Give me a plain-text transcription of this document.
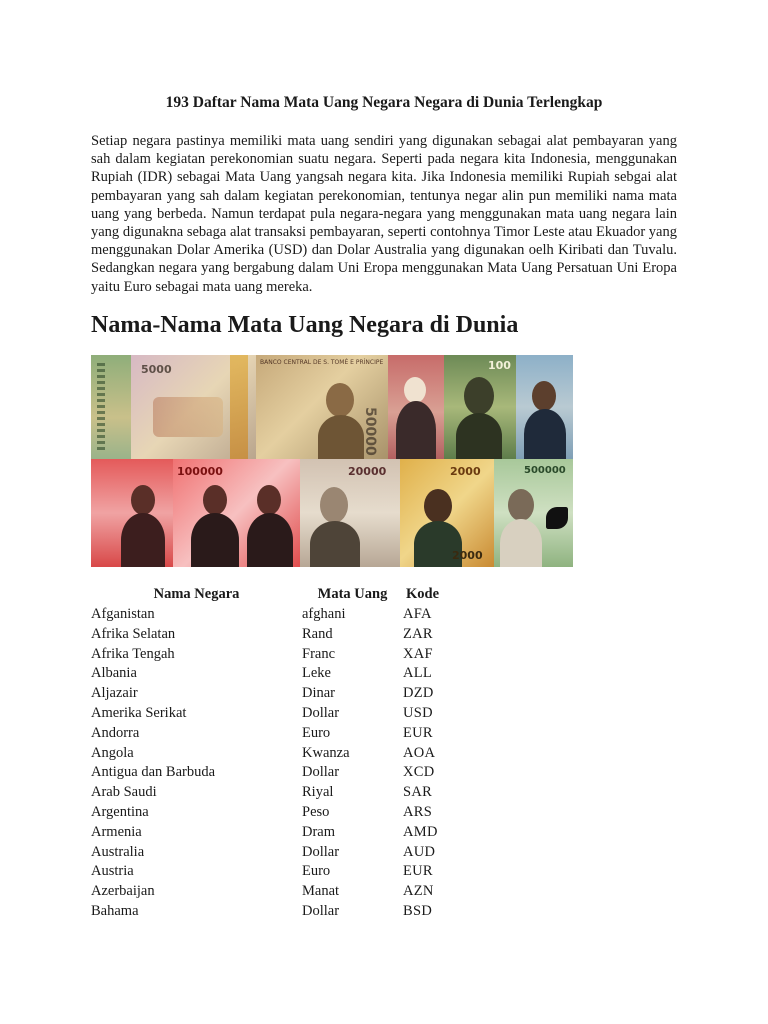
193 Daftar Nama Mata Uang Negara Negara di Dunia Terlengkap
Setiap negara pastinya memiliki mata uang sendiri yang digunakan sebagai alat pembayaran yang sah dalam kegiatan perekonomian suatu negara. Seperti pada negara kita Indonesia, menggunakan Rupiah (IDR) sebagai Mata Uang yangsah negara kita. Jika Indonesia memiliki Rupiah sebgai alat pembayaran yang sah dalam kegiatan perekonomian, tentunya negar alin pun memiliki nama mata uang yang berbeda. Namun terdapat pula negara-negara yang menggunakan mata uang negara lain yang digunakna sebaga alat transaksi pembayaran, seperti contohnya Timor Leste atau Ekuador yang menggunakan Dolar Amerika (USD) dan Dolar Australia yang digunakan oelh Kiribati dan Tuvalu. Sedangkan negara yang bergabung dalam Uni Eropa menggunakan Mata Uang Persatuan Uni Eropa yaitu Euro sebagai mata uang mereka.
Nama-Nama Mata Uang Negara di Dunia
5000
BANCO CENTRAL DE S. TOMÉ E PRÍNCIPE
50000
100
100000	20000	2000
2000
500000
Nama Negara	Mata Uang	Kode
Afganistan	afghani	AFA
Afrika Selatan	Rand	ZAR
Afrika Tengah	Franc	XAF
Albania	Leke	ALL
Aljazair	Dinar	DZD
Amerika Serikat	Dollar	USD
Andorra	Euro	EUR
Angola	Kwanza	AOA
Antigua dan Barbuda	Dollar	XCD
Arab Saudi	Riyal	SAR
Argentina	Peso	ARS
Armenia	Dram	AMD
Australia	Dollar	AUD
Austria	Euro	EUR
Azerbaijan	Manat	AZN
Bahama	Dollar	BSD
